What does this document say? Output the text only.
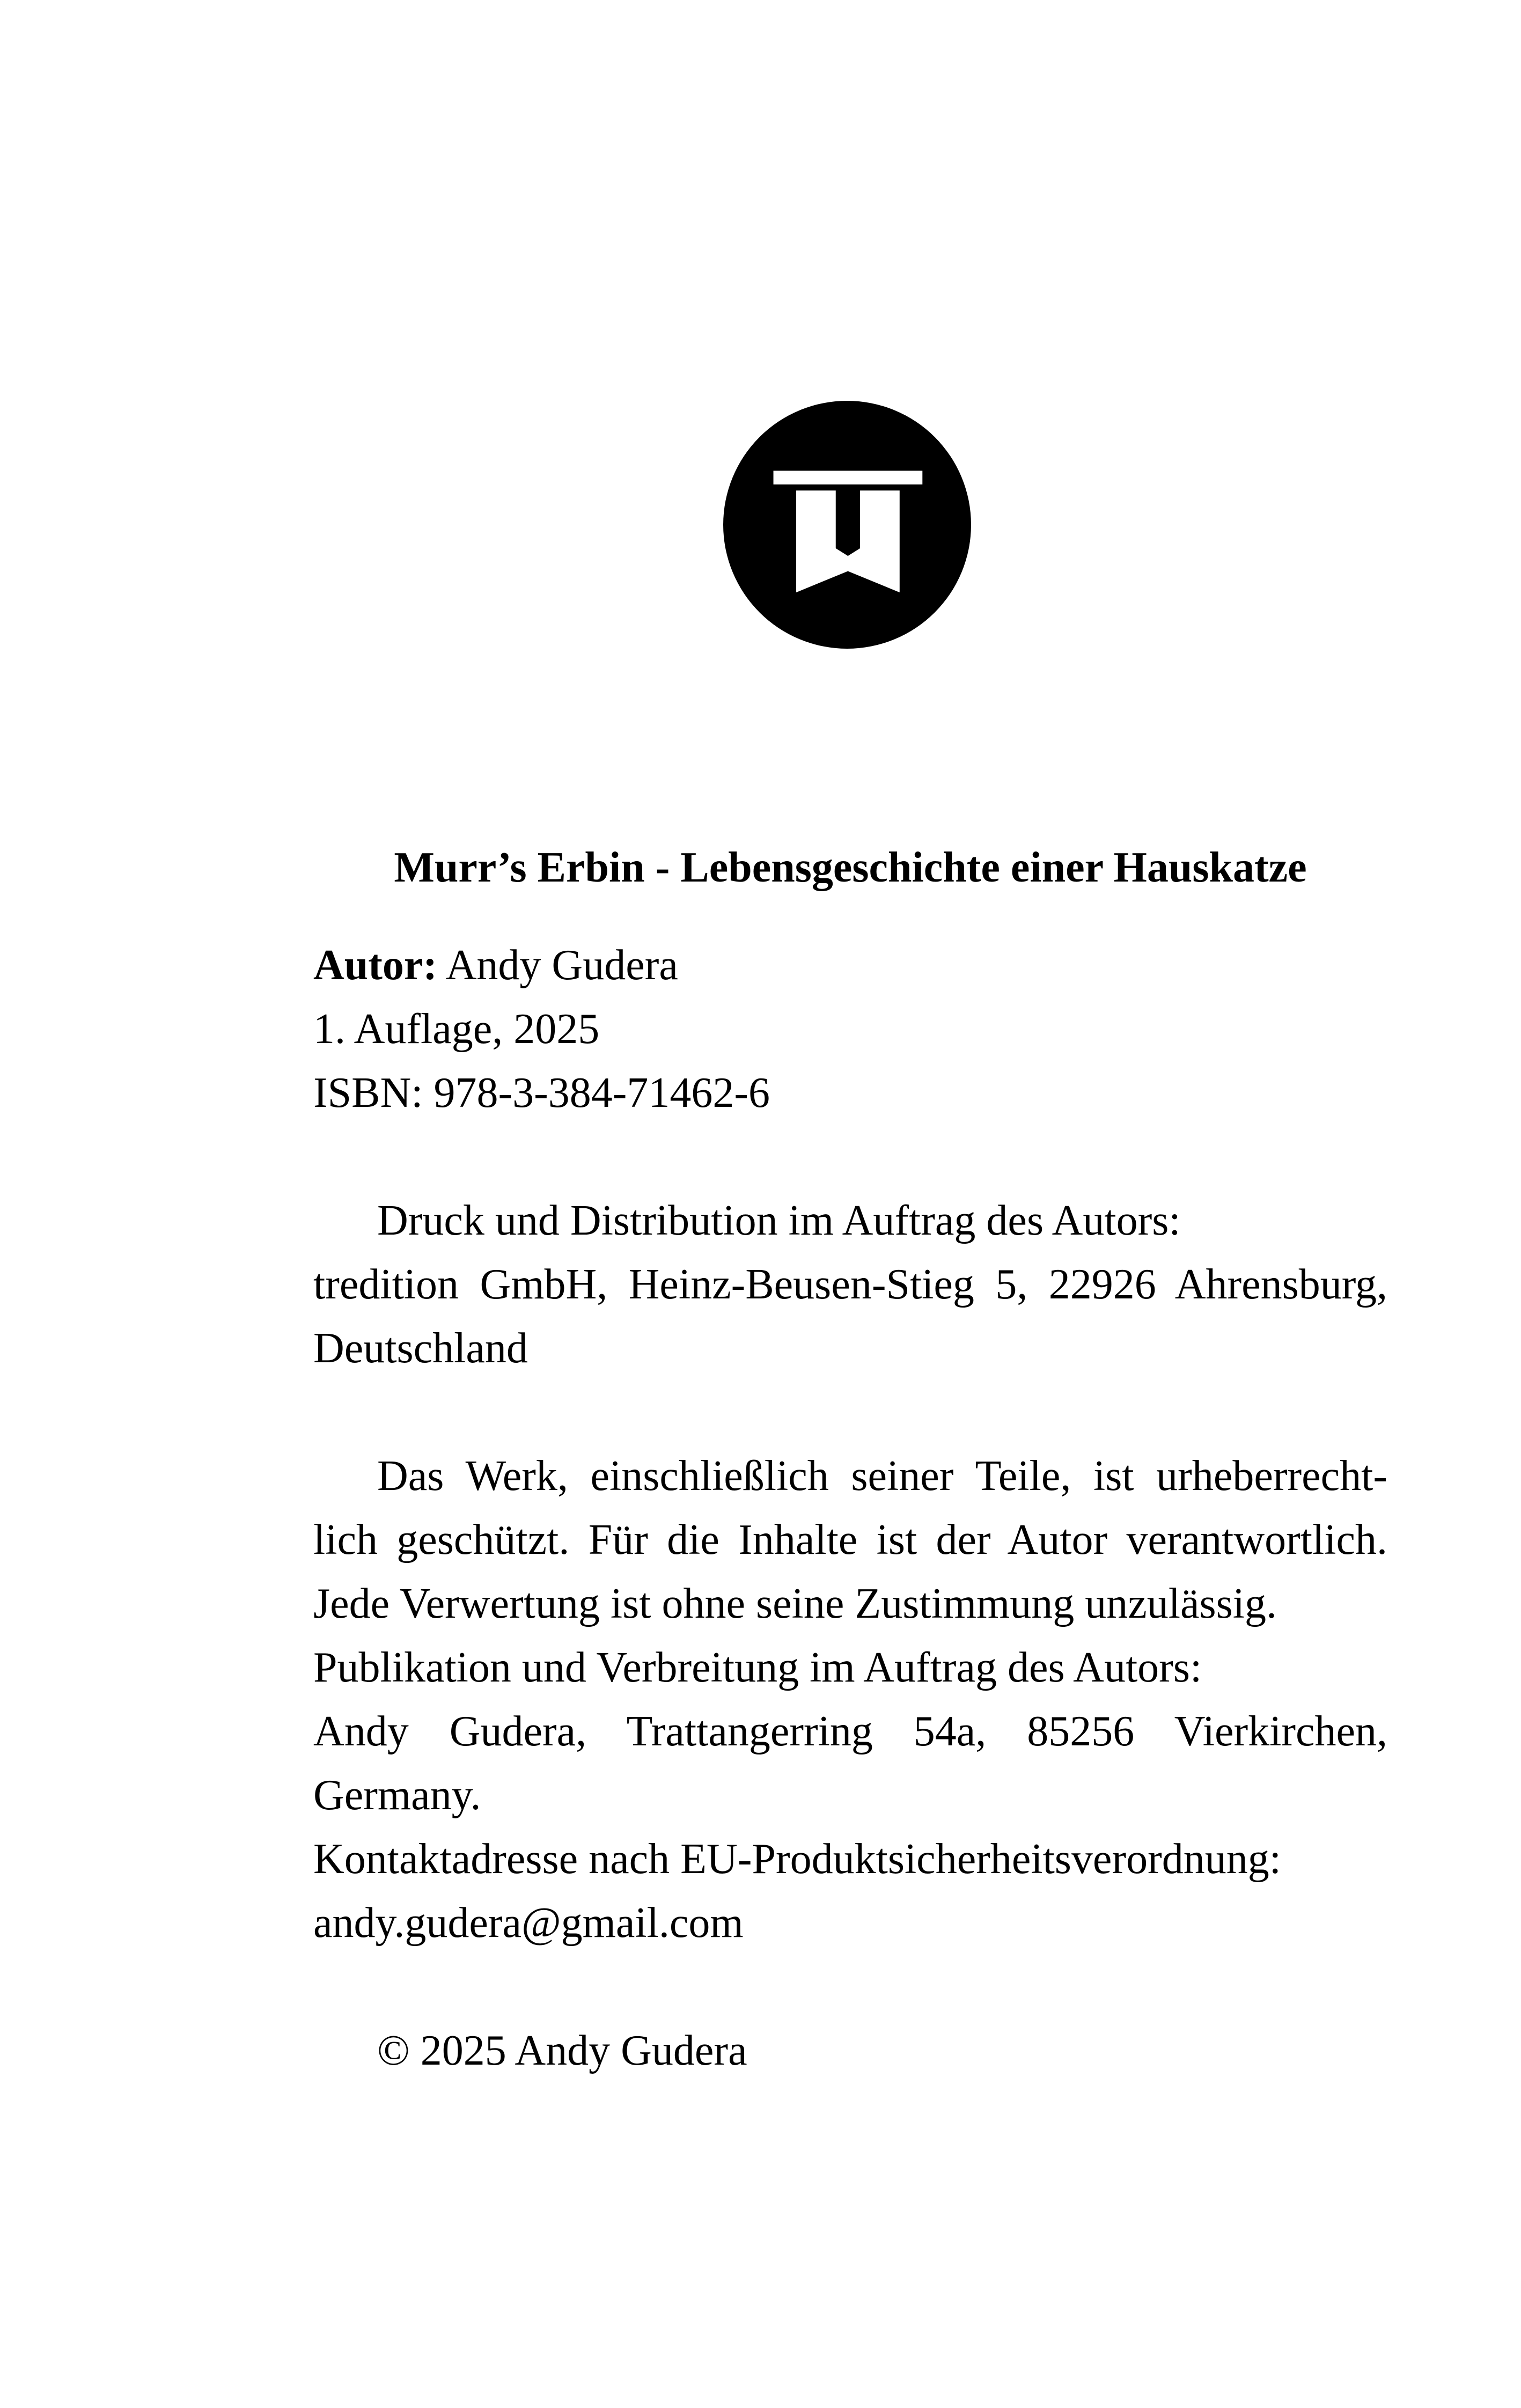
Murr’s Erbin - Lebensgeschichte einer Hauskatze
Autor: Andy Gudera
1. Auflage, 2025
ISBN: 978-3-384-71462-6
Druck und Distribution im Auftrag des Autors:
tredition GmbH, Heinz-Beusen-Stieg 5, 22926 Ahrensburg,
Deutschland
Das Werk, einschließlich seiner Teile, ist urheberrecht-
lich geschützt. Für die Inhalte ist der Autor verantwortlich.
Jede Verwertung ist ohne seine Zustimmung unzulässig.
Publikation und Verbreitung im Auftrag des Autors:
Andy Gudera, Trattangerring 54a, 85256 Vierkirchen,
Germany.
Kontaktadresse nach EU-Produktsicherheitsverordnung:
andy.gudera@gmail.com
© 2025 Andy Gudera
